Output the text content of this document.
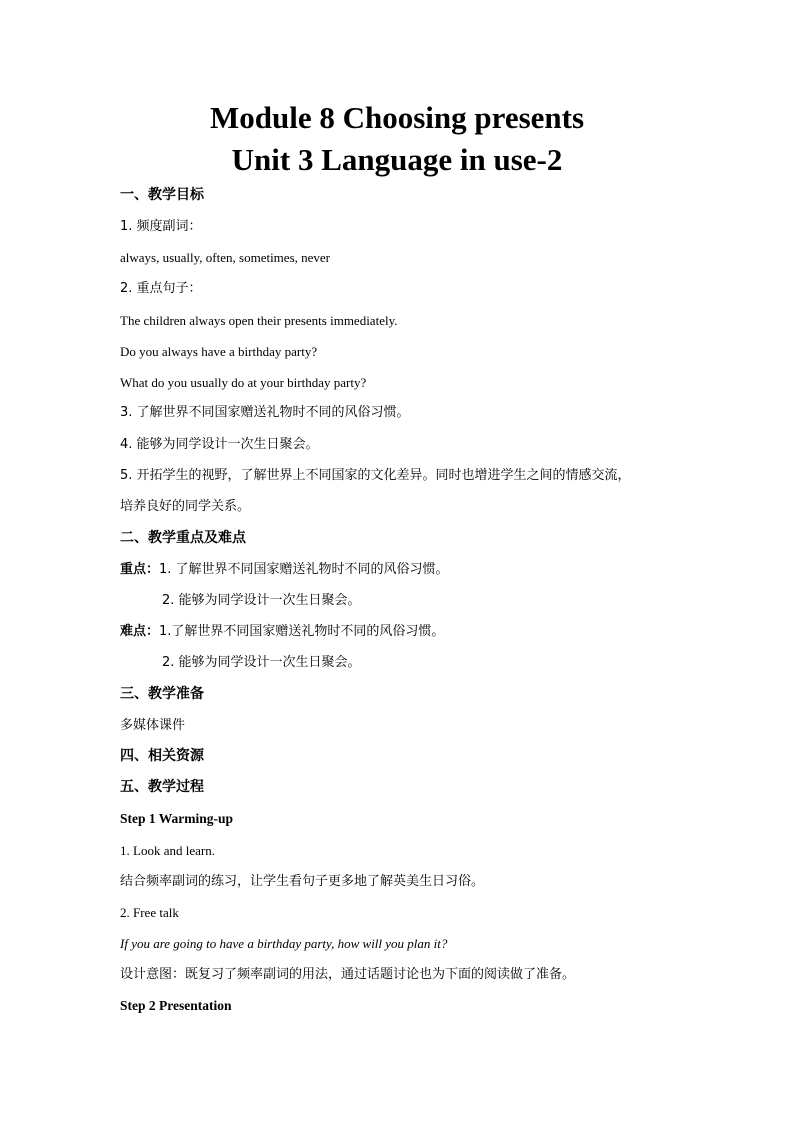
Module 8 Choosing presents
Unit 3 Language in use-2
一、教学目标
1. 频度副词：
always, usually, often, sometimes, never
2. 重点句子：
The children always open their presents immediately.
Do you always have a birthday party?
What do you usually do at your birthday party?
3. 了解世界不同国家赠送礼物时不同的风俗习惯。
4. 能够为同学设计一次生日聚会。
5. 开拓学生的视野，了解世界上不同国家的文化差异。同时也增进学生之间的情感交流，
培养良好的同学关系。
二、教学重点及难点
重点：1. 了解世界不同国家赠送礼物时不同的风俗习惯。
2. 能够为同学设计一次生日聚会。
难点：1.了解世界不同国家赠送礼物时不同的风俗习惯。
2. 能够为同学设计一次生日聚会。
三、教学准备
多媒体课件
四、相关资源
五、教学过程
Step 1 Warming-up
1. Look and learn.
结合频率副词的练习，让学生看句子更多地了解英美生日习俗。
2. Free talk
If you are going to have a birthday party, how will you plan it?
设计意图：既复习了频率副词的用法，通过话题讨论也为下面的阅读做了准备。
Step 2 Presentation
